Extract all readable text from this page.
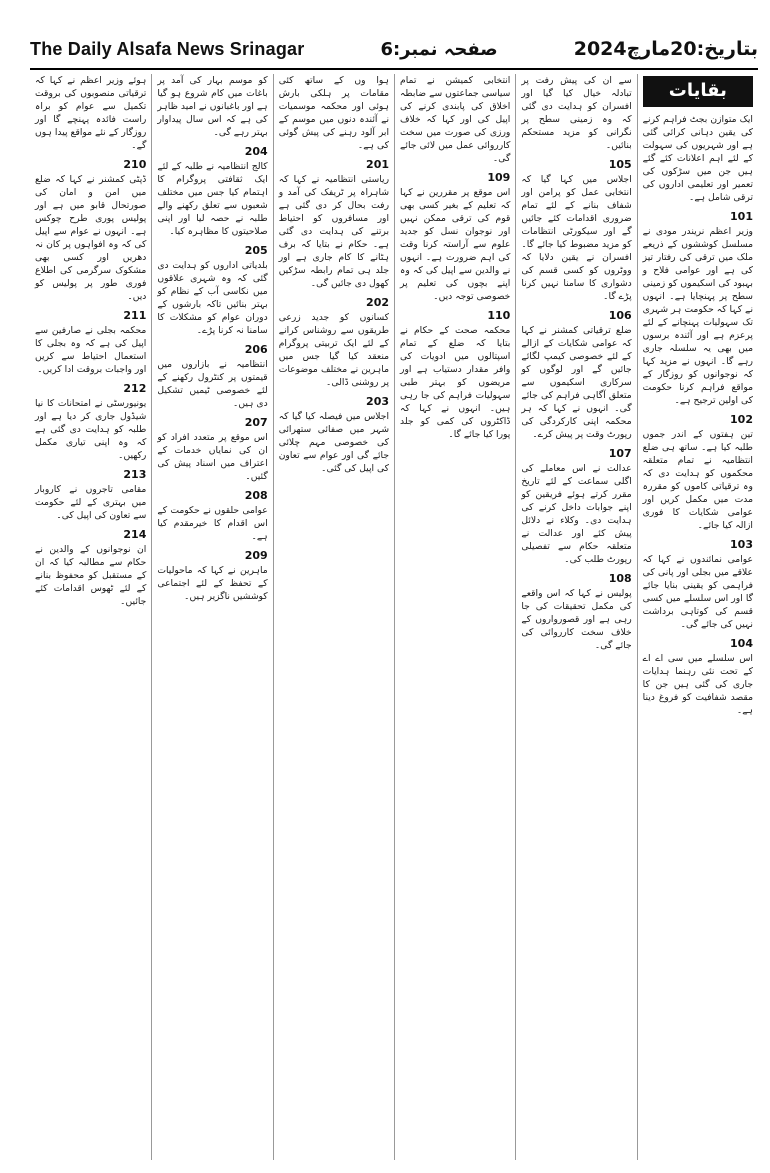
The Daily Alsafa News Srinagar	صفحہ نمبر:6	بتاریخ:20مارچ2024
بقایات

ایک متوازن بجٹ فراہم کرنے کی یقین دہانی کرائی گئی ہے اور شہریوں کی سہولت کے لئے اہم اعلانات کئے گئے ہیں جن میں سڑکوں کی تعمیر اور تعلیمی اداروں کی ترقی شامل ہے۔

101

وزیر اعظم نریندر مودی نے مسلسل کوششوں کے ذریعے ملک میں ترقی کی رفتار تیز کی ہے اور عوامی فلاح و بہبود کی اسکیموں کو زمینی سطح پر پہنچایا ہے۔ انہوں نے کہا کہ حکومت ہر شہری تک سہولیات پہنچانے کے لئے پرعزم ہے اور آئندہ برسوں میں بھی یہ سلسلہ جاری رہے گا۔ انہوں نے مزید کہا کہ نوجوانوں کو روزگار کے مواقع فراہم کرنا حکومت کی اولین ترجیح ہے۔

102

تین ہفتوں کے اندر جموں طلبہ کیا ہے۔ ساتھ ہی ضلع انتظامیہ نے تمام متعلقہ محکموں کو ہدایت دی کہ وہ ترقیاتی کاموں کو مقررہ مدت میں مکمل کریں اور عوامی شکایات کا فوری ازالہ کیا جائے۔

103

عوامی نمائندوں نے کہا کہ علاقے میں بجلی اور پانی کی فراہمی کو یقینی بنایا جائے گا اور اس سلسلے میں کسی قسم کی کوتاہی برداشت نہیں کی جائے گی۔

104

اس سلسلے میں سی اے اے کے تحت نئی رہنما ہدایات جاری کی گئی ہیں جن کا مقصد شفافیت کو فروغ دینا ہے۔

سے ان کی پیش رفت پر تبادلہ خیال کیا گیا اور افسران کو ہدایت دی گئی کہ وہ زمینی سطح پر نگرانی کو مزید مستحکم بنائیں۔

105

اجلاس میں کہا گیا کہ انتخابی عمل کو پرامن اور شفاف بنانے کے لئے تمام ضروری اقدامات کئے جائیں گے اور سیکورٹی انتظامات کو مزید مضبوط کیا جائے گا۔ افسران نے یقین دلایا کہ ووٹروں کو کسی قسم کی دشواری کا سامنا نہیں کرنا پڑے گا۔

106

ضلع ترقیاتی کمشنر نے کہا کہ عوامی شکایات کے ازالے کے لئے خصوصی کیمپ لگائے جائیں گے اور لوگوں کو سرکاری اسکیموں سے متعلق آگاہی فراہم کی جائے گی۔ انہوں نے کہا کہ ہر محکمہ اپنی کارکردگی کی رپورٹ وقت پر پیش کرے۔

107

عدالت نے اس معاملے کی اگلی سماعت کے لئے تاریخ مقرر کرتے ہوئے فریقین کو اپنے جوابات داخل کرنے کی ہدایت دی۔ وکلاء نے دلائل پیش کئے اور عدالت نے متعلقہ حکام سے تفصیلی رپورٹ طلب کی۔

108

پولیس نے کہا کہ اس واقعے کی مکمل تحقیقات کی جا رہی ہے اور قصورواروں کے خلاف سخت کارروائی کی جائے گی۔

انتخابی کمیشن نے تمام سیاسی جماعتوں سے ضابطہ اخلاق کی پابندی کرنے کی اپیل کی اور کہا کہ خلاف ورزی کی صورت میں سخت کارروائی عمل میں لائی جائے گی۔

109

اس موقع پر مقررین نے کہا کہ تعلیم کے بغیر کسی بھی قوم کی ترقی ممکن نہیں اور نوجوان نسل کو جدید علوم سے آراستہ کرنا وقت کی اہم ضرورت ہے۔ انہوں نے والدین سے اپیل کی کہ وہ اپنے بچوں کی تعلیم پر خصوصی توجہ دیں۔

110

محکمہ صحت کے حکام نے بتایا کہ ضلع کے تمام اسپتالوں میں ادویات کی وافر مقدار دستیاب ہے اور مریضوں کو بہتر طبی سہولیات فراہم کی جا رہی ہیں۔ انہوں نے کہا کہ ڈاکٹروں کی کمی کو جلد پورا کیا جائے گا۔

ہوا وں کے ساتھ کئی مقامات پر ہلکی بارش ہوئی اور محکمہ موسمیات نے آئندہ دنوں میں موسم کے ابر آلود رہنے کی پیش گوئی کی ہے۔

201

ریاستی انتظامیہ نے کہا کہ شاہراہ پر ٹریفک کی آمد و رفت بحال کر دی گئی ہے اور مسافروں کو احتیاط برتنے کی ہدایت دی گئی ہے۔ حکام نے بتایا کہ برف ہٹانے کا کام جاری ہے اور جلد ہی تمام رابطہ سڑکیں کھول دی جائیں گی۔

202

کسانوں کو جدید زرعی طریقوں سے روشناس کرانے کے لئے ایک تربیتی پروگرام منعقد کیا گیا جس میں ماہرین نے مختلف موضوعات پر روشنی ڈالی۔

203

اجلاس میں فیصلہ کیا گیا کہ شہر میں صفائی ستھرائی کی خصوصی مہم چلائی جائے گی اور عوام سے تعاون کی اپیل کی گئی۔

کو موسم بہار کی آمد پر باغات میں کام شروع ہو گیا ہے اور باغبانوں نے امید ظاہر کی ہے کہ اس سال پیداوار بہتر رہے گی۔

204

کالج انتظامیہ نے طلبہ کے لئے ایک ثقافتی پروگرام کا اہتمام کیا جس میں مختلف شعبوں سے تعلق رکھنے والے طلبہ نے حصہ لیا اور اپنی صلاحیتوں کا مظاہرہ کیا۔

205

بلدیاتی اداروں کو ہدایت دی گئی کہ وہ شہری علاقوں میں نکاسی آب کے نظام کو بہتر بنائیں تاکہ بارشوں کے دوران عوام کو مشکلات کا سامنا نہ کرنا پڑے۔

206

انتظامیہ نے بازاروں میں قیمتوں پر کنٹرول رکھنے کے لئے خصوصی ٹیمیں تشکیل دی ہیں۔

207

اس موقع پر متعدد افراد کو ان کی نمایاں خدمات کے اعتراف میں اسناد پیش کی گئیں۔

208

عوامی حلقوں نے حکومت کے اس اقدام کا خیرمقدم کیا ہے۔

209

ماہرین نے کہا کہ ماحولیات کے تحفظ کے لئے اجتماعی کوششیں ناگزیر ہیں۔

ہوئے وزیر اعظم نے کہا کہ ترقیاتی منصوبوں کی بروقت تکمیل سے عوام کو براہ راست فائدہ پہنچے گا اور روزگار کے نئے مواقع پیدا ہوں گے۔

210

ڈپٹی کمشنر نے کہا کہ ضلع میں امن و امان کی صورتحال قابو میں ہے اور پولیس پوری طرح چوکس ہے۔ انہوں نے عوام سے اپیل کی کہ وہ افواہوں پر کان نہ دھریں اور کسی بھی مشکوک سرگرمی کی اطلاع فوری طور پر پولیس کو دیں۔

211

محکمہ بجلی نے صارفین سے اپیل کی ہے کہ وہ بجلی کا استعمال احتیاط سے کریں اور واجبات بروقت ادا کریں۔

212

یونیورسٹی نے امتحانات کا نیا شیڈول جاری کر دیا ہے اور طلبہ کو ہدایت دی گئی ہے کہ وہ اپنی تیاری مکمل رکھیں۔

213

مقامی تاجروں نے کاروبار میں بہتری کے لئے حکومت سے تعاون کی اپیل کی۔

214

ان نوجوانوں کے والدین نے حکام سے مطالبہ کیا کہ ان کے مستقبل کو محفوظ بنانے کے لئے ٹھوس اقدامات کئے جائیں۔
